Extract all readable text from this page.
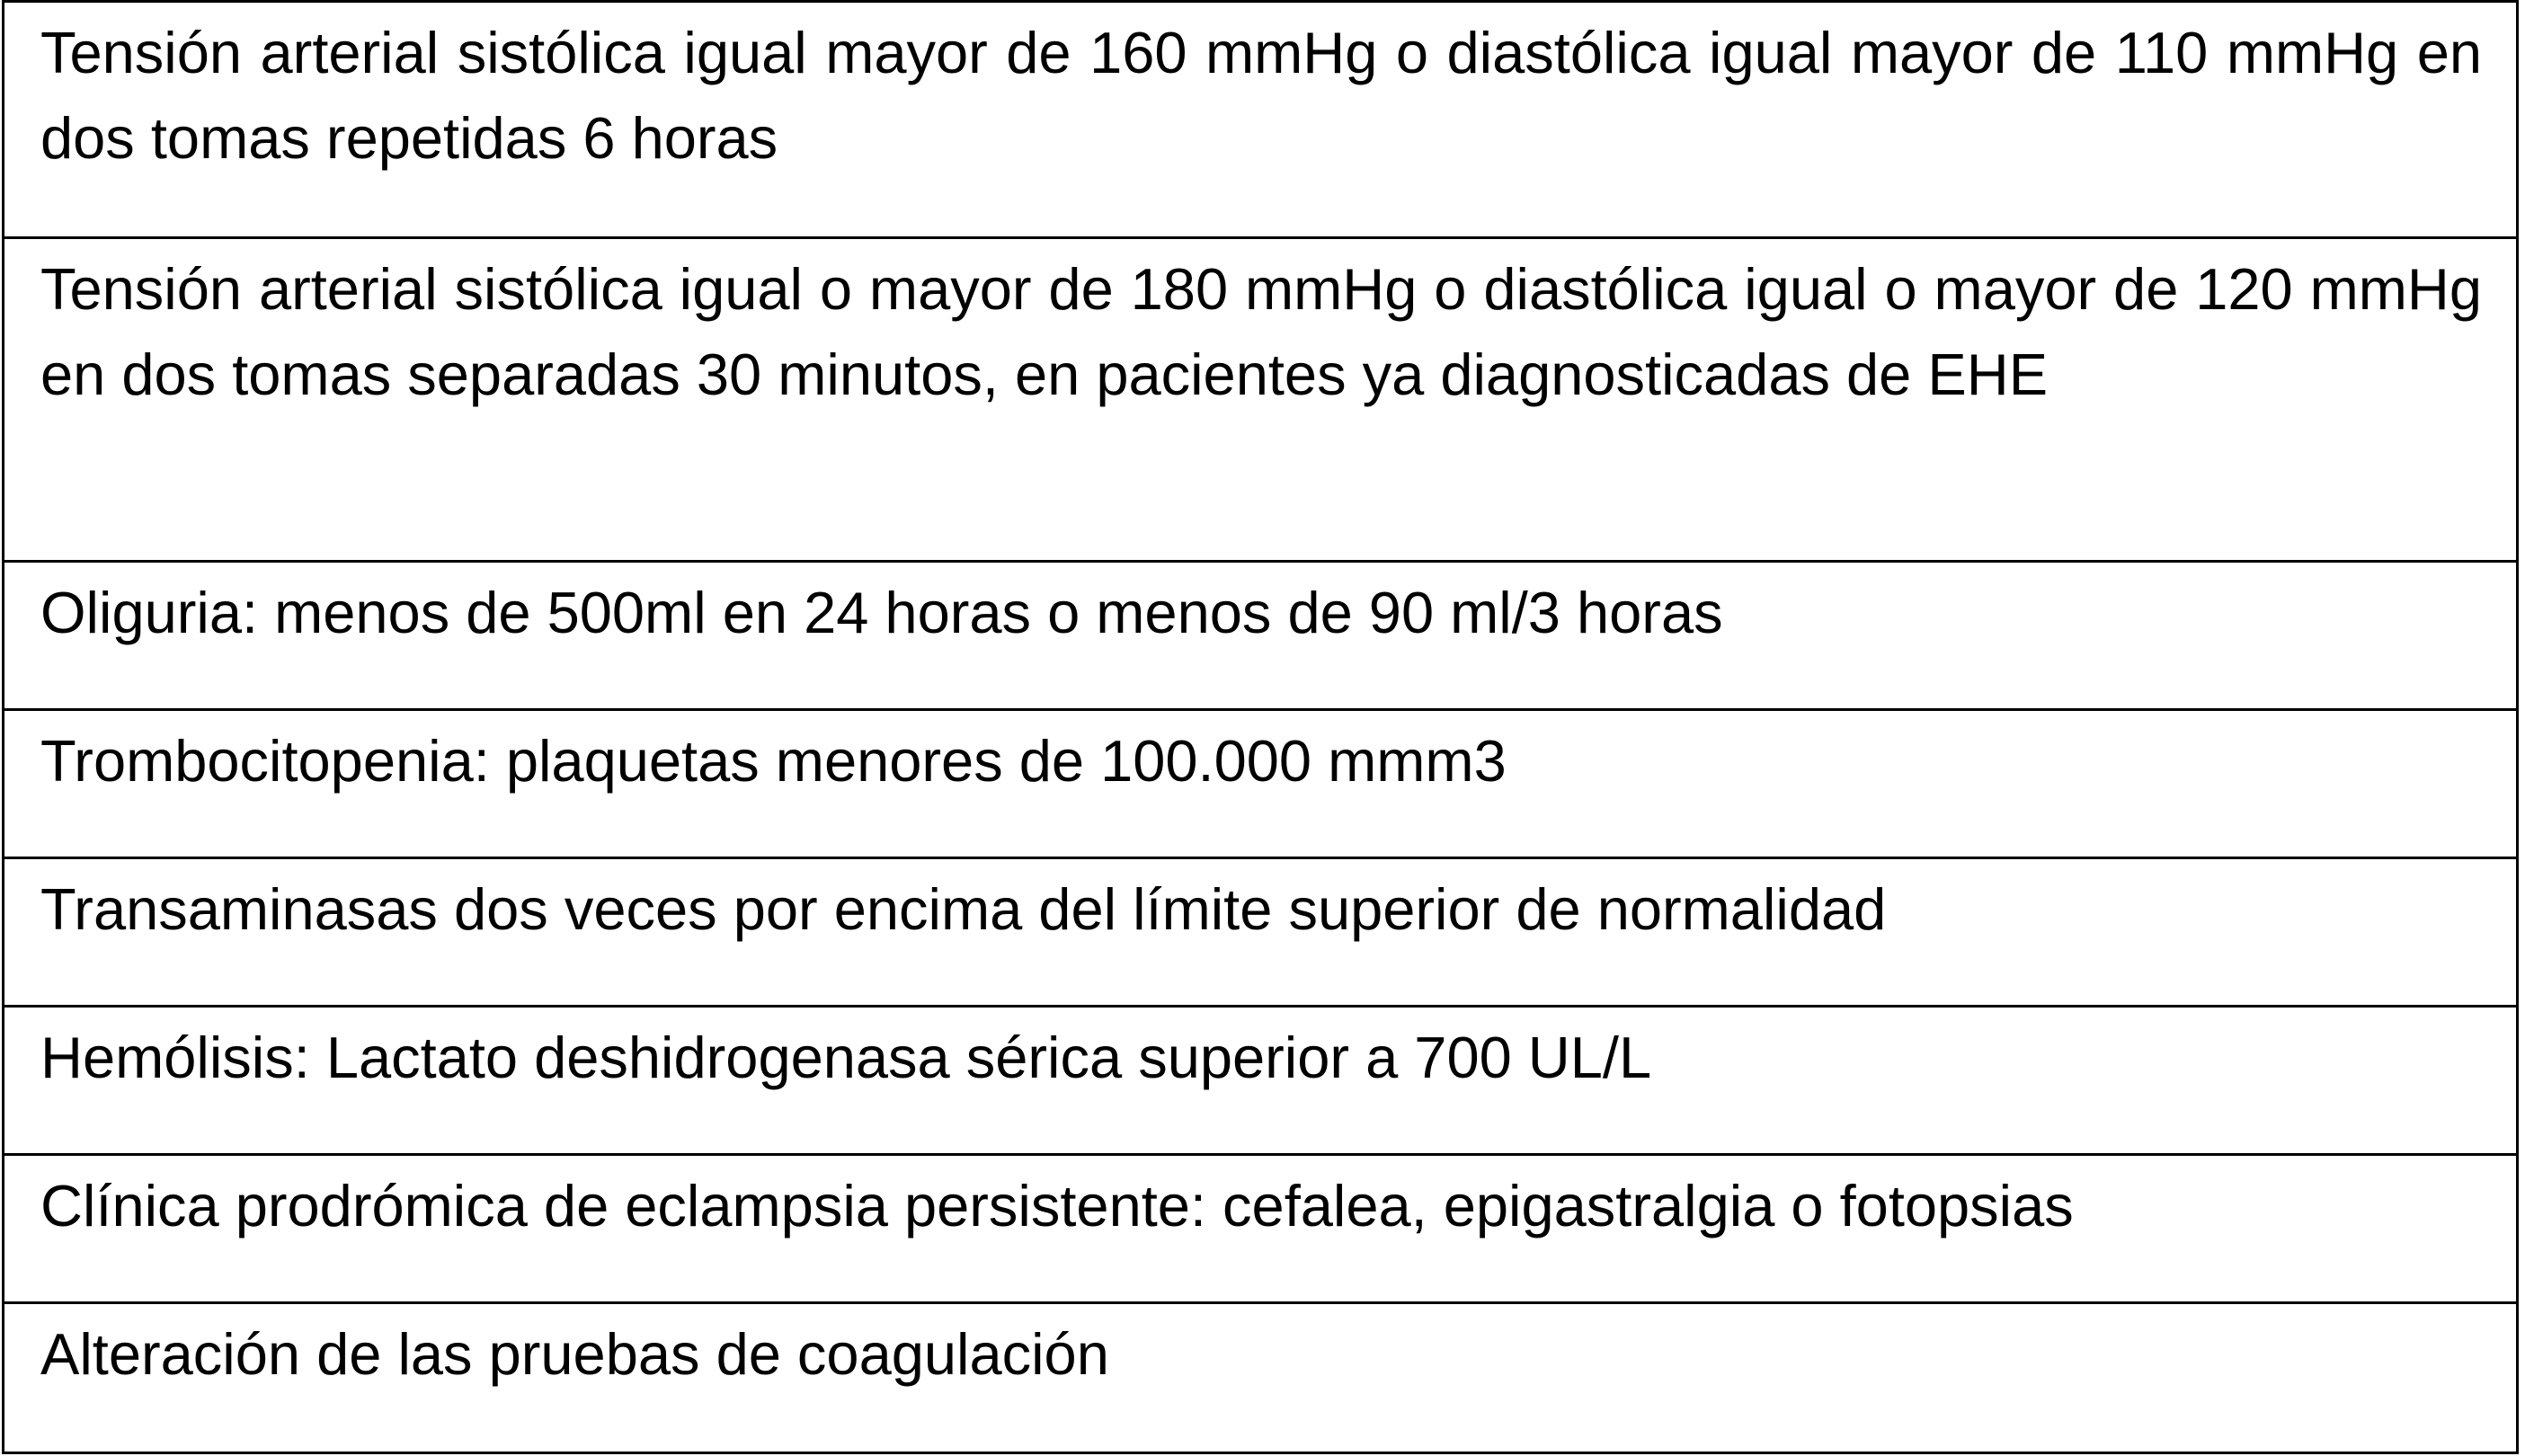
Tensión arterial sistólica igual mayor de 160 mmHg o diastólica igual mayor de 110 mmHg en dos tomas repetidas 6 horas
Tensión arterial sistólica igual o mayor de 180 mmHg o diastólica igual o mayor de 120 mmHg en dos tomas separadas 30 minutos, en pacientes ya diagnosticadas de EHE
Oliguria: menos de 500ml en 24 horas o menos de 90 ml/3 horas
Trombocitopenia: plaquetas menores de 100.000 mmm3
Transaminasas dos veces por encima del límite superior de normalidad
Hemólisis: Lactato deshidrogenasa sérica superior a 700 UL/L
Clínica prodrómica de eclampsia persistente: cefalea, epigastralgia o fotopsias
Alteración de las pruebas de coagulación
